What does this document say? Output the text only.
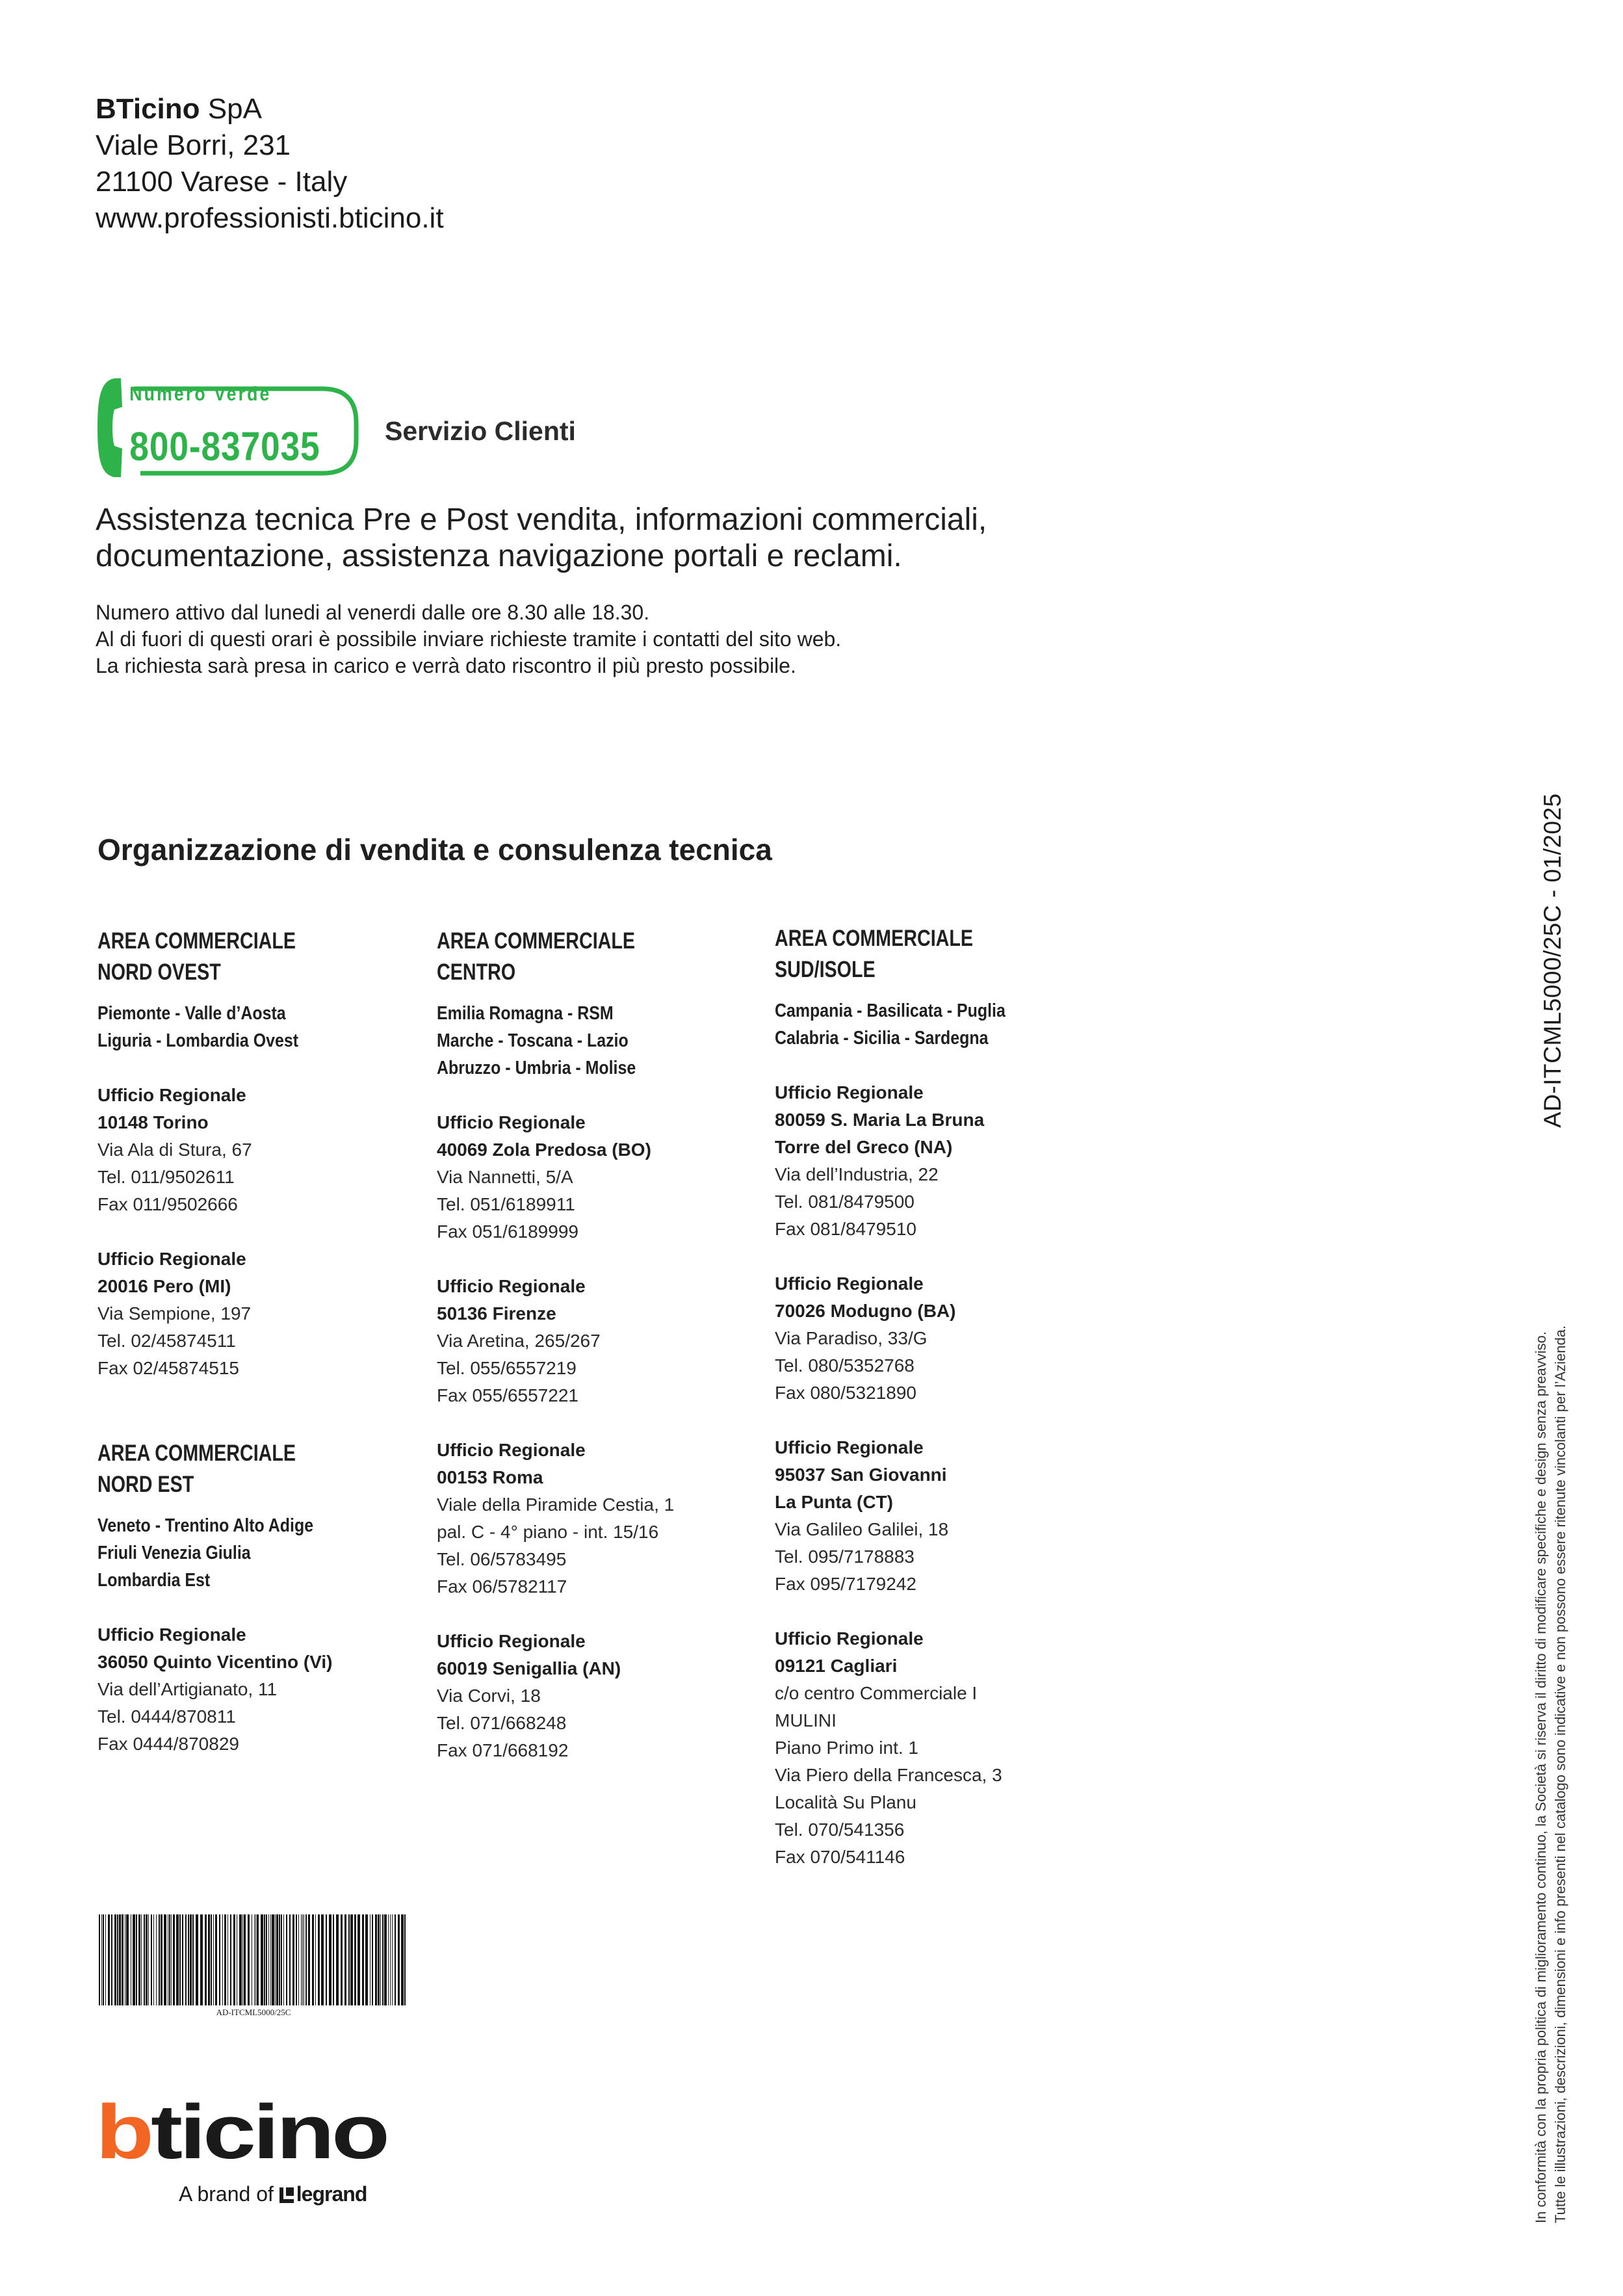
BTicino SpA
Viale Borri, 231
21100 Varese - Italy
www.professionisti.bticino.it
Numero Verde
800-837035 Servizio Clienti
Assistenza tecnica Pre e Post vendita, informazioni commerciali,
documentazione, assistenza navigazione portali e reclami.
Numero attivo dal lunedi al venerdi dalle ore 8.30 alle 18.30.
Al di fuori di questi orari è possibile inviare richieste tramite i contatti del sito web.
La richiesta sarà presa in carico e verrà dato riscontro il più presto possibile.
Organizzazione di vendita e consulenza tecnica
AREA COMMERCIALE
NORD OVEST
Piemonte - Valle d’Aosta
Liguria - Lombardia Ovest
Ufficio Regionale
10148 Torino
Via Ala di Stura, 67
Tel. 011/9502611
Fax 011/9502666
Ufficio Regionale
20016 Pero (MI)
Via Sempione, 197
Tel. 02/45874511
Fax 02/45874515
AREA COMMERCIALE
NORD EST
Veneto - Trentino Alto Adige
Friuli Venezia Giulia
Lombardia Est
Ufficio Regionale
36050 Quinto Vicentino (Vi)
Via dell’Artigianato, 11
Tel. 0444/870811
Fax 0444/870829
AREA COMMERCIALE
CENTRO
Emilia Romagna - RSM
Marche - Toscana - Lazio
Abruzzo - Umbria - Molise
Ufficio Regionale
40069 Zola Predosa (BO)
Via Nannetti, 5/A
Tel. 051/6189911
Fax 051/6189999
Ufficio Regionale
50136 Firenze
Via Aretina, 265/267
Tel. 055/6557219
Fax 055/6557221
Ufficio Regionale
00153 Roma
Viale della Piramide Cestia, 1
pal. C - 4° piano - int. 15/16
Tel. 06/5783495
Fax 06/5782117
Ufficio Regionale
60019 Senigallia (AN)
Via Corvi, 18
Tel. 071/668248
Fax 071/668192
AREA COMMERCIALE
SUD/ISOLE
Campania - Basilicata - Puglia
Calabria - Sicilia - Sardegna
Ufficio Regionale
80059 S. Maria La Bruna
Torre del Greco (NA)
Via dell’Industria, 22
Tel. 081/8479500
Fax 081/8479510
Ufficio Regionale
70026 Modugno (BA)
Via Paradiso, 33/G
Tel. 080/5352768
Fax 080/5321890
Ufficio Regionale
95037 San Giovanni
La Punta (CT)
Via Galileo Galilei, 18
Tel. 095/7178883
Fax 095/7179242
Ufficio Regionale
09121 Cagliari
c/o centro Commerciale I
MULINI
Piano Primo int. 1
Via Piero della Francesca, 3
Località Su Planu
Tel. 070/541356
Fax 070/541146
AD-ITCML5000/25C
b ticino
A brand of legrand
AD-ITCML5000/25C - 01/2025
In conformità con la propria politica di miglioramento continuo, la Società si riserva il diritto di modificare specifiche e design senza preavviso. Tutte le illustrazioni, descrizioni, dimensioni e info presenti nel catalogo sono indicative e non possono essere ritenute vincolanti per l’Azienda.
